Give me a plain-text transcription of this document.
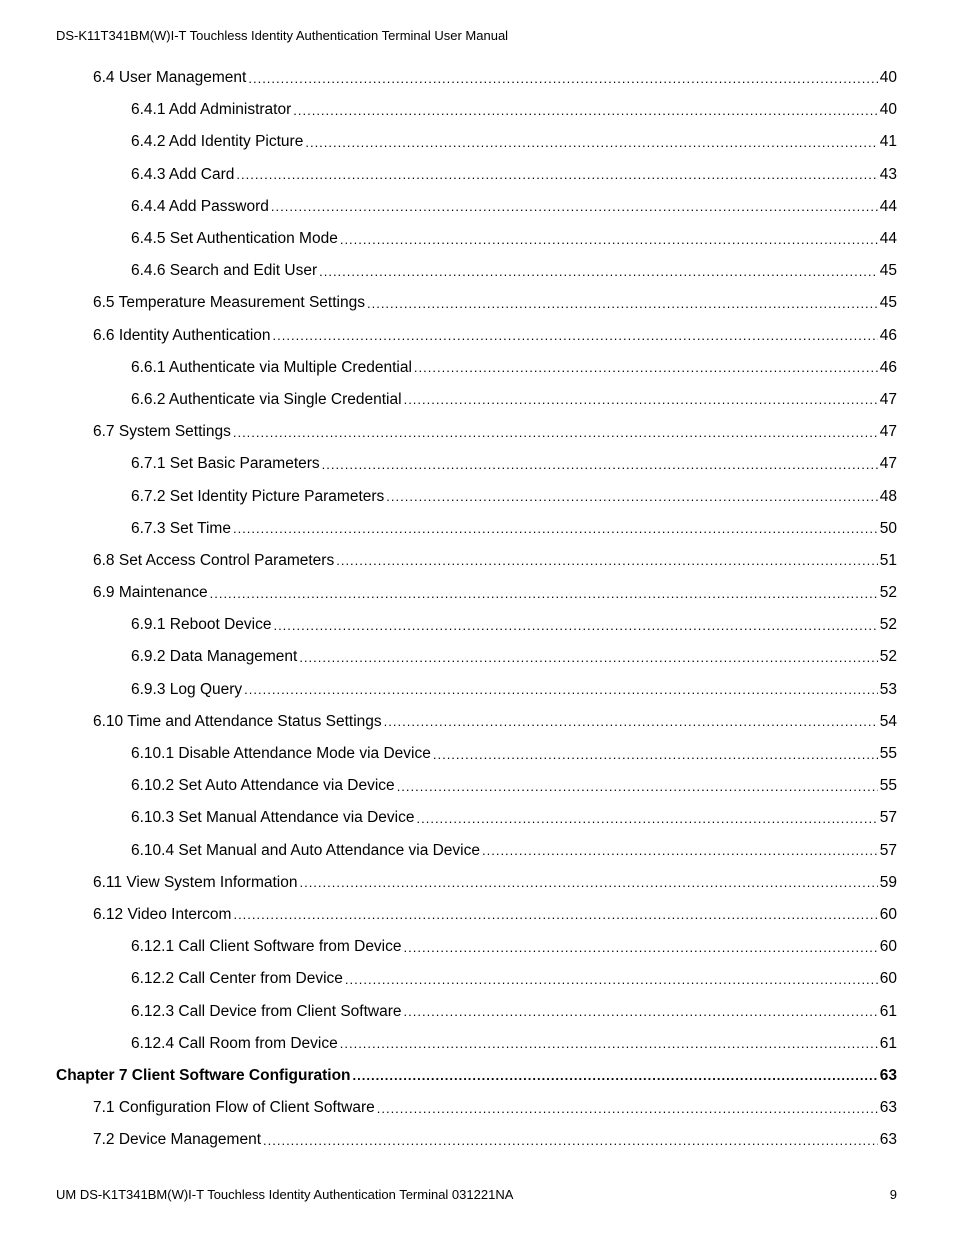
DS-K11T341BM(W)I-T Touchless Identity Authentication Terminal User Manual
6.4 User Management .....	40
6.4.1 Add Administrator .....	40
6.4.2 Add Identity Picture .....	41
6.4.3 Add Card .....	43
6.4.4 Add Password .....	44
6.4.5 Set Authentication Mode .....	44
6.4.6 Search and Edit User .....	45
6.5 Temperature Measurement Settings .....	45
6.6 Identity Authentication .....	46
6.6.1 Authenticate via Multiple Credential .....	46
6.6.2 Authenticate via Single Credential .....	47
6.7 System Settings .....	47
6.7.1 Set Basic Parameters .....	47
6.7.2 Set Identity Picture Parameters .....	48
6.7.3 Set Time .....	50
6.8 Set Access Control Parameters .....	51
6.9 Maintenance .....	52
6.9.1 Reboot Device .....	52
6.9.2 Data Management .....	52
6.9.3 Log Query .....	53
6.10 Time and Attendance Status Settings .....	54
6.10.1 Disable Attendance Mode via Device .....	55
6.10.2 Set Auto Attendance via Device .....	55
6.10.3 Set Manual Attendance via Device .....	57
6.10.4 Set Manual and Auto Attendance via Device .....	57
6.11 View System Information .....	59
6.12 Video Intercom .....	60
6.12.1 Call Client Software from Device .....	60
6.12.2 Call Center from Device .....	60
6.12.3 Call Device from Client Software .....	61
6.12.4 Call Room from Device .....	61
Chapter 7 Client Software Configuration .....	63
7.1 Configuration Flow of Client Software .....	63
7.2 Device Management .....	63
UM DS-K1T341BM(W)I-T Touchless Identity Authentication Terminal 031221NA	9
